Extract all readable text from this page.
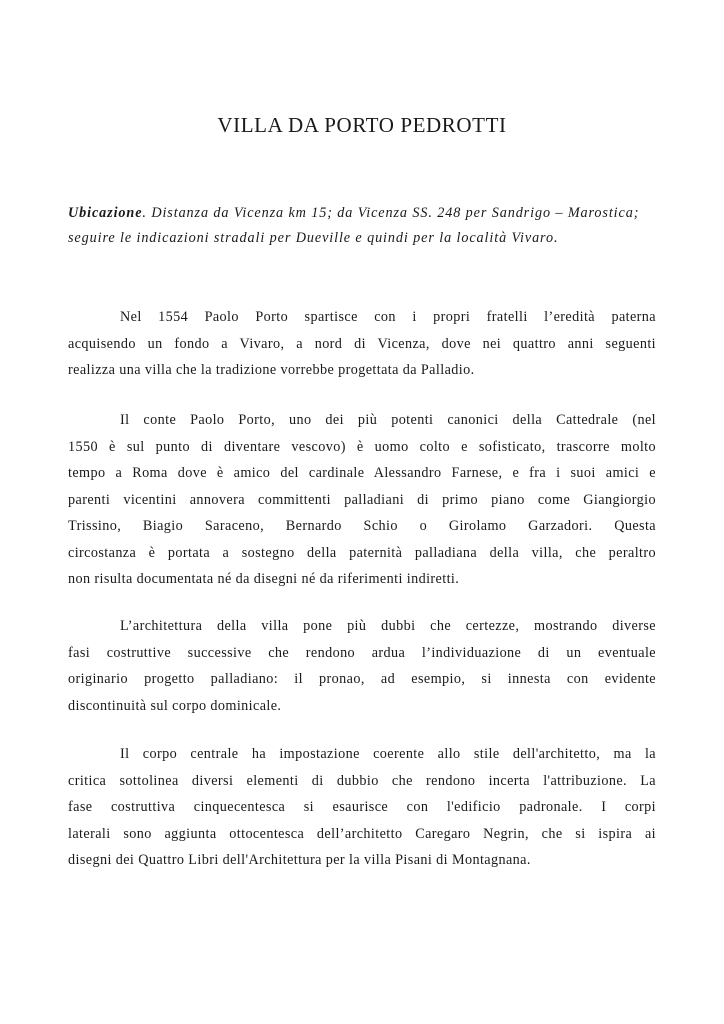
VILLA DA PORTO PEDROTTI

Ubicazione. Distanza da Vicenza km 15; da Vicenza SS. 248 per Sandrigo – Marostica; seguire le indicazioni stradali per Dueville e quindi per la località Vivaro.

Nel 1554 Paolo Porto spartisce con i propri fratelli l’eredità paterna
acquisendo un fondo a Vivaro, a nord di Vicenza, dove nei quattro anni seguenti
realizza una villa che la tradizione vorrebbe progettata da Palladio.

Il conte Paolo Porto, uno dei più potenti canonici della Cattedrale (nel
1550 è sul punto di diventare vescovo) è uomo colto e sofisticato, trascorre molto
tempo a Roma dove è amico del cardinale Alessandro Farnese, e fra i suoi amici e
parenti vicentini annovera committenti palladiani di primo piano come Giangiorgio
Trissino, Biagio Saraceno, Bernardo Schio o Girolamo Garzadori. Questa
circostanza è portata a sostegno della paternità palladiana della villa, che peraltro
non risulta documentata né da disegni né da riferimenti indiretti.

L’architettura della villa pone più dubbi che certezze, mostrando diverse
fasi costruttive successive che rendono ardua l’individuazione di un eventuale
originario progetto palladiano: il pronao, ad esempio, si innesta con evidente
discontinuità sul corpo dominicale.

Il corpo centrale ha impostazione coerente allo stile dell'architetto, ma la
critica sottolinea diversi elementi di dubbio che rendono incerta l'attribuzione. La
fase costruttiva cinquecentesca si esaurisce con l'edificio padronale. I corpi
laterali sono aggiunta ottocentesca dell’architetto Caregaro Negrin, che si ispira ai
disegni dei Quattro Libri dell'Architettura per la villa Pisani di Montagnana.
